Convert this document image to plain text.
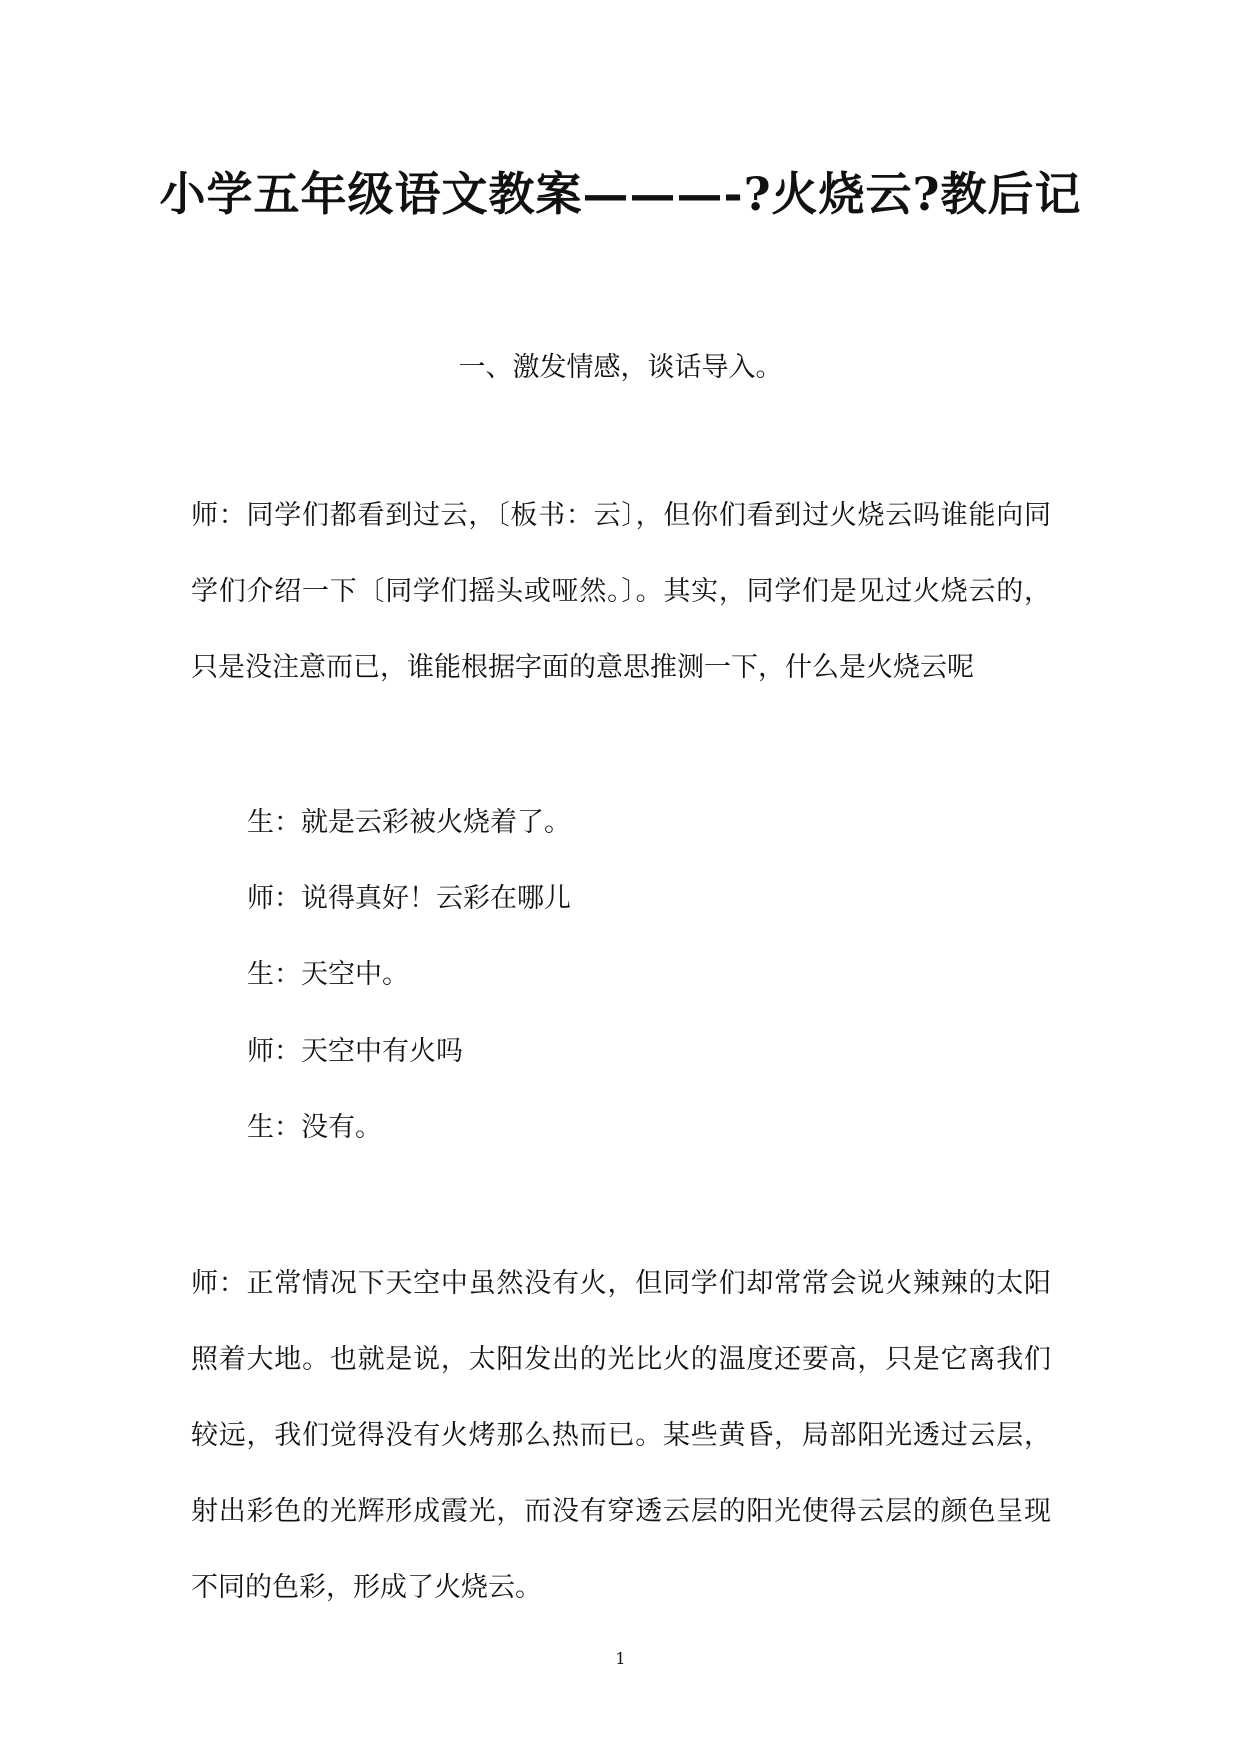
小学五年级语文教案———-?火烧云?教后记
一、激发情感，谈话导入。
师：同学们都看到过云，〔板书：云〕，但你们看到过火烧云吗谁能向同学们介绍一下〔同学们摇头或哑然。〕。其实，同学们是见过火烧云的，只是没注意而已，谁能根据字面的意思推测一下，什么是火烧云呢
生：就是云彩被火烧着了。
师：说得真好！云彩在哪儿
生：天空中。
师：天空中有火吗
生：没有。
师：正常情况下天空中虽然没有火，但同学们却常常会说火辣辣的太阳照着大地。也就是说，太阳发出的光比火的温度还要高，只是它离我们较远，我们觉得没有火烤那么热而已。某些黄昏，局部阳光透过云层，射出彩色的光辉形成霞光，而没有穿透云层的阳光使得云层的颜色呈现不同的色彩，形成了火烧云。
1
